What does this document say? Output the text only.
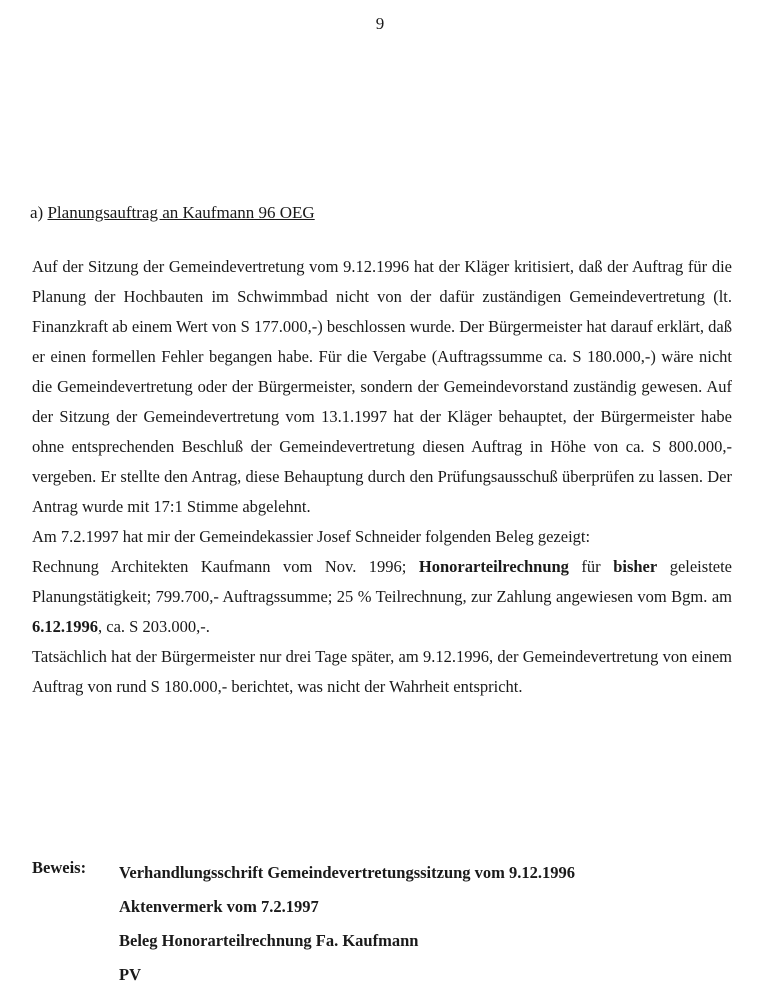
9
a) Planungsauftrag an Kaufmann 96 OEG

Auf der Sitzung der Gemeindevertretung vom 9.12.1996 hat der Kläger kritisiert, daß der Auftrag für die Planung der Hochbauten im Schwimmbad nicht von der dafür zuständigen Gemeindevertretung (lt. Finanzkraft ab einem Wert von S 177.000,-) beschlossen wurde. Der Bürgermeister hat darauf erklärt, daß er einen formellen Fehler begangen habe. Für die Vergabe (Auftragssumme ca. S 180.000,-) wäre nicht die Gemeindevertretung oder der Bürgermeister, sondern der Gemeindevorstand zuständig gewesen. Auf der Sitzung der Gemeindevertretung vom 13.1.1997 hat der Kläger behauptet, der Bürgermeister habe ohne entsprechenden Beschluß der Gemeindevertretung diesen Auftrag in Höhe von ca. S 800.000,- vergeben. Er stellte den Antrag, diese Behauptung durch den Prüfungsausschuß überprüfen zu lassen. Der Antrag wurde mit 17:1 Stimme abgelehnt.

Am 7.2.1997 hat mir der Gemeindekassier Josef Schneider folgenden Beleg gezeigt:

Rechnung Architekten Kaufmann vom Nov. 1996; Honorarteilrechnung für bisher geleistete Planungstätigkeit; 799.700,- Auftragssumme; 25 % Teilrechnung, zur Zahlung angewiesen vom Bgm. am 6.12.1996, ca. S 203.000,-.

Tatsächlich hat der Bürgermeister nur drei Tage später, am 9.12.1996, der Gemeindevertretung von einem Auftrag von rund S 180.000,- berichtet, was nicht der Wahrheit entspricht.

Beweis:	Verhandlungsschrift Gemeindevertretungssitzung vom 9.12.1996
Aktenvermerk vom 7.2.1997
Beleg Honorarteilrechnung Fa. Kaufmann
PV
